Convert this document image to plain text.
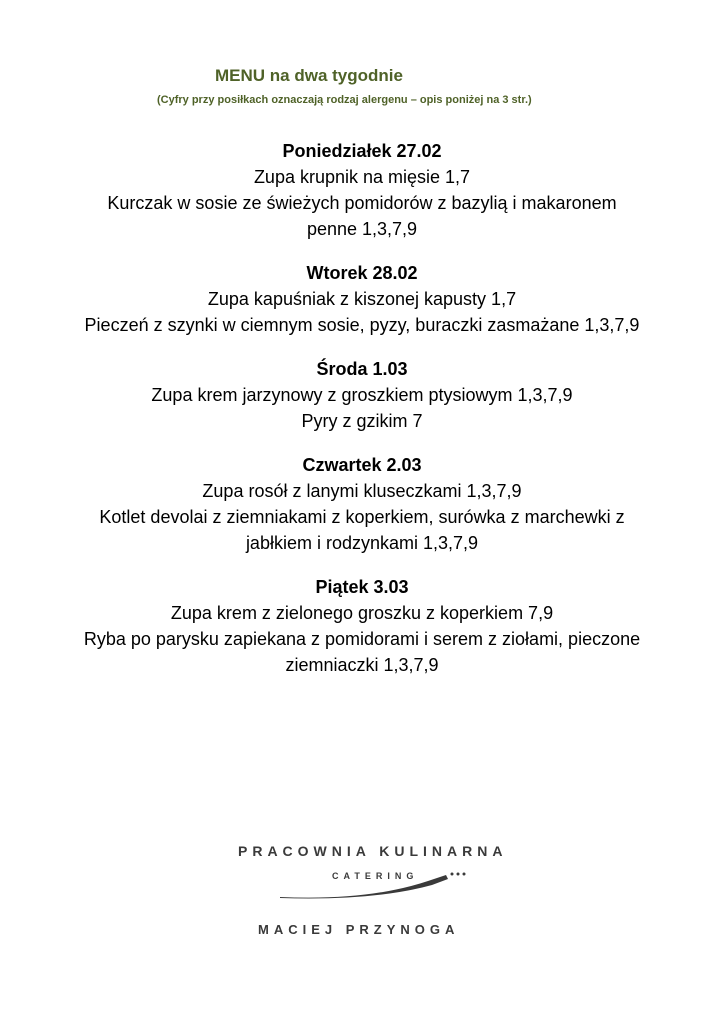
MENU na dwa tygodnie
(Cyfry przy posiłkach oznaczają rodzaj alergenu – opis poniżej na 3 str.)
Poniedziałek 27.02
Zupa krupnik na mięsie 1,7
Kurczak w sosie ze świeżych pomidorów z bazylią i makaronem penne 1,3,7,9
Wtorek 28.02
Zupa kapuśniak z kiszonej kapusty 1,7
Pieczeń z szynki w ciemnym sosie, pyzy, buraczki zasmażane 1,3,7,9
Środa 1.03
Zupa krem jarzynowy z groszkiem ptysiowym 1,3,7,9
Pyry z gzikim 7
Czwartek 2.03
Zupa rosół z lanymi kluseczkami 1,3,7,9
Kotlet devolai z ziemniakami z koperkiem, surówka z marchewki z jabłkiem i rodzynkami 1,3,7,9
Piątek 3.03
Zupa krem z zielonego groszku z koperkiem 7,9
Ryba po parysku zapiekana z pomidorami i serem z ziołami, pieczone ziemniaczki 1,3,7,9
PRACOWNIA KULINARNA
CATERING
MACIEJ PRZYNOGA
